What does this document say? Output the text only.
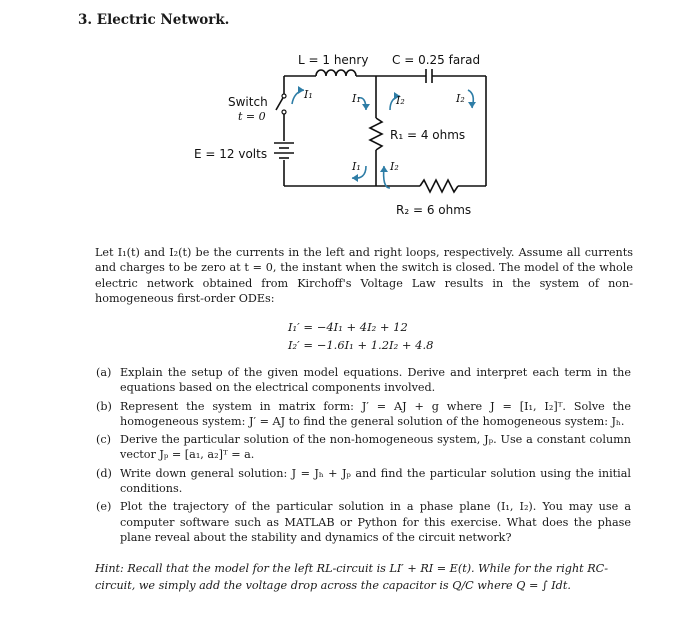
3. Electric Network.
L = 1 henry C = 0.25 farad
Switch
t = 0
E = 12 volts
R₁ = 4 ohms
R₂ = 6 ohms
I₁	I₁	I₂	I₂
I₁	I₂

Let I₁(t) and I₂(t) be the currents in the left and right loops, respectively. Assume all currents and charges to be zero at t = 0, the instant when the switch is closed. The model of the whole electric network obtained from Kirchoff's Voltage Law results in the system of non-homogeneous first-order ODEs:

I₁′ = −4I₁ + 4I₂ + 12
I₂′ = −1.6I₁ + 1.2I₂ + 4.8
(a) Explain the setup of the given model equations. Derive and interpret each term in the equations based on the electrical components involved.
(b) Represent the system in matrix form: J′ = AJ + g where J = [I₁, I₂]ᵀ. Solve the homogeneous system: J′ = AJ to find the general solution of the homogeneous system: Jₕ.
(c) Derive the particular solution of the non-homogeneous system, Jₚ. Use a constant column vector Jₚ = [a₁, a₂]ᵀ = a.
(d) Write down general solution: J = Jₕ + Jₚ and find the particular solution using the initial conditions.
(e) Plot the trajectory of the particular solution in a phase plane (I₁, I₂). You may use a computer software such as MATLAB or Python for this exercise. What does the phase plane reveal about the stability and dynamics of the circuit network?

Hint: Recall that the model for the left RL-circuit is LI′ + RI = E(t). While for the right RC-circuit, we simply add the voltage drop across the capacitor is Q/C where Q = ∫ Idt.
